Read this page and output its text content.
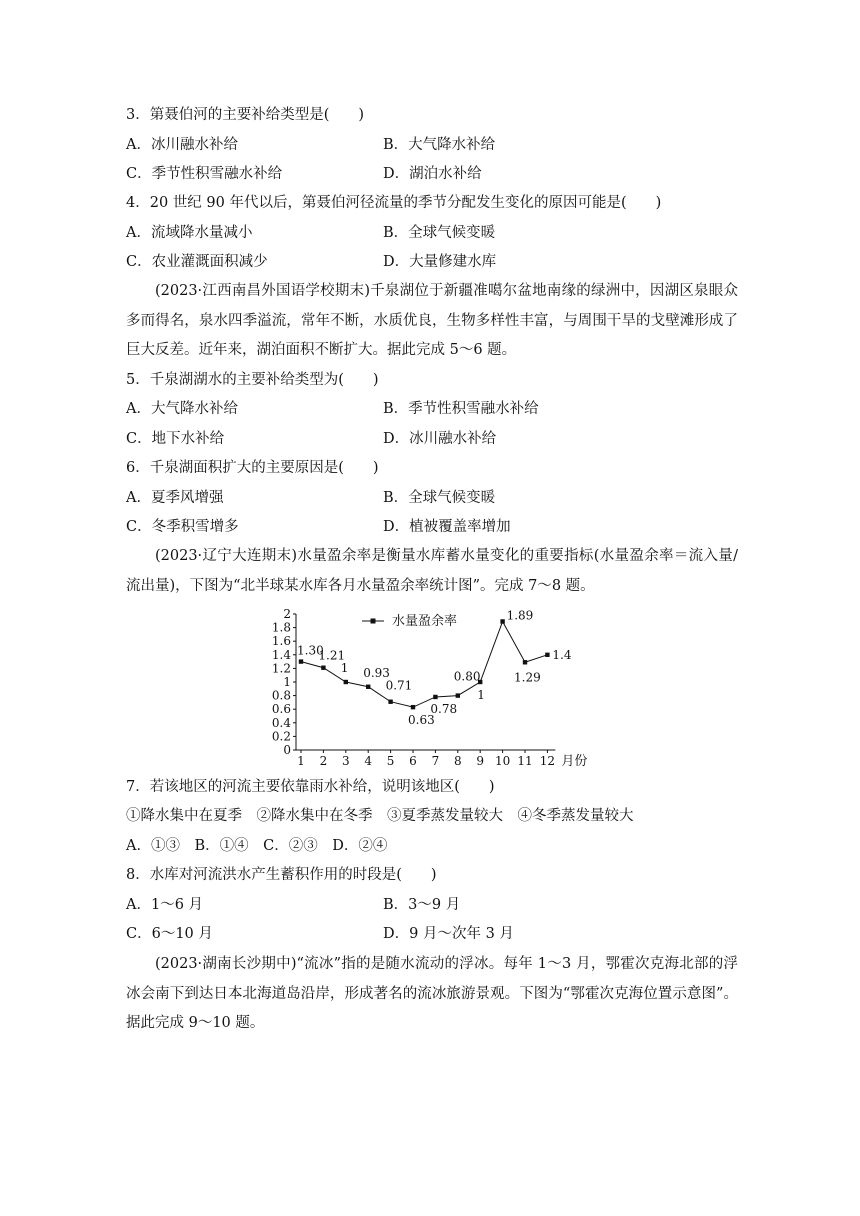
3．第聂伯河的主要补给类型是(　　)
A．冰川融水补给	B．大气降水补给
C．季节性积雪融水补给	D．湖泊水补给
4．20 世纪 90 年代以后，第聂伯河径流量的季节分配发生变化的原因可能是(　　)
A．流域降水量减小	B．全球气候变暖
C．农业灌溉面积减少	D．大量修建水库
(2023·江西南昌外国语学校期末)千泉湖位于新疆准噶尔盆地南缘的绿洲中，因湖区泉眼众多而得名，泉水四季溢流，常年不断，水质优良，生物多样性丰富，与周围干旱的戈壁滩形成了巨大反差。近年来，湖泊面积不断扩大。据此完成 5～6 题。
5．千泉湖湖水的主要补给类型为(　　)
A．大气降水补给	B．季节性积雪融水补给
C．地下水补给	D．冰川融水补给
6．千泉湖面积扩大的主要原因是(　　)
A．夏季风增强	B．全球气候变暖
C．冬季积雪增多	D．植被覆盖率增加
(2023·辽宁大连期末)水量盈余率是衡量水库蓄水量变化的重要指标(水量盈余率＝流入量/流出量)，下图为“北半球某水库各月水量盈余率统计图”。完成 7～8 题。
0
0.2
0.4
0.6
0.8
1
1.2
1.4
1.6
1.8
2
1 2 3 4 5 6 7 8 9 10 11 12 月份
水量盈余率
1.30
1.21
1 0.93
0.71
0.63
0.78
0.80
1
1.89
1.29
1.4
7．若该地区的河流主要依靠雨水补给，说明该地区(　　)
①降水集中在夏季　②降水集中在冬季　③夏季蒸发量较大　④冬季蒸发量较大
A．①③　B．①④　C．②③　D．②④
8．水库对河流洪水产生蓄积作用的时段是(　　)
A．1～6 月	B．3～9 月
C．6～10 月	D．9 月～次年 3 月
(2023·湖南长沙期中)“流冰”指的是随水流动的浮冰。每年 1～3 月，鄂霍次克海北部的浮冰会南下到达日本北海道岛沿岸，形成著名的流冰旅游景观。下图为“鄂霍次克海位置示意图”。据此完成 9～10 题。
